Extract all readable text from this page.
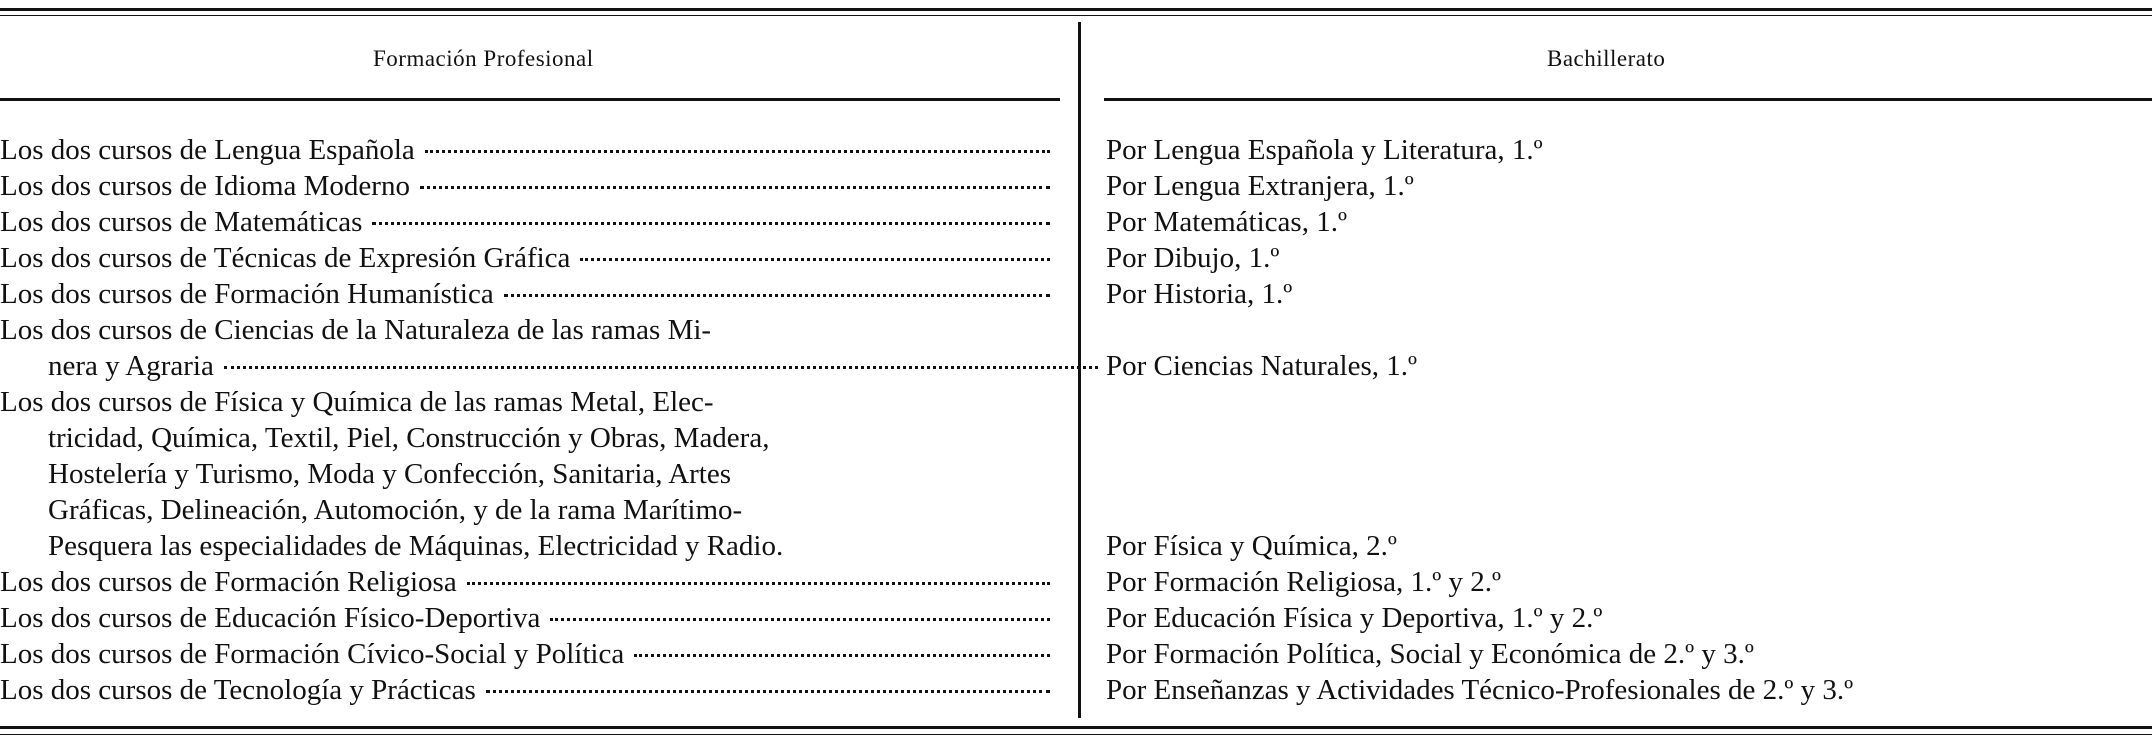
Formación Profesional	Bachillerato
Los dos cursos de Lengua Española
Los dos cursos de Idioma Moderno
Los dos cursos de Matemáticas
Los dos cursos de Técnicas de Expresión Gráfica
Los dos cursos de Formación Humanística
Los dos cursos de Ciencias de la Naturaleza de las ramas Mi-
nera y Agraria
Los dos cursos de Física y Química de las ramas Metal, Elec-
tricidad, Química, Textil, Piel, Construcción y Obras, Madera,
Hostelería y Turismo, Moda y Confección, Sanitaria, Artes
Gráficas, Delineación, Automoción, y de la rama Marítimo-
Pesquera las especialidades de Máquinas, Electricidad y Radio.
Los dos cursos de Formación Religiosa
Los dos cursos de Educación Físico-Deportiva
Los dos cursos de Formación Cívico-Social y Política
Los dos cursos de Tecnología y Prácticas
Por Lengua Española y Literatura, 1.º
Por Lengua Extranjera, 1.º
Por Matemáticas, 1.º
Por Dibujo, 1.º
Por Historia, 1.º

Por Ciencias Naturales, 1.º

Por Física y Química, 2.º
Por Formación Religiosa, 1.º y 2.º
Por Educación Física y Deportiva, 1.º y 2.º
Por Formación Política, Social y Económica de 2.º y 3.º
Por Enseñanzas y Actividades Técnico-Profesionales de 2.º y 3.º
